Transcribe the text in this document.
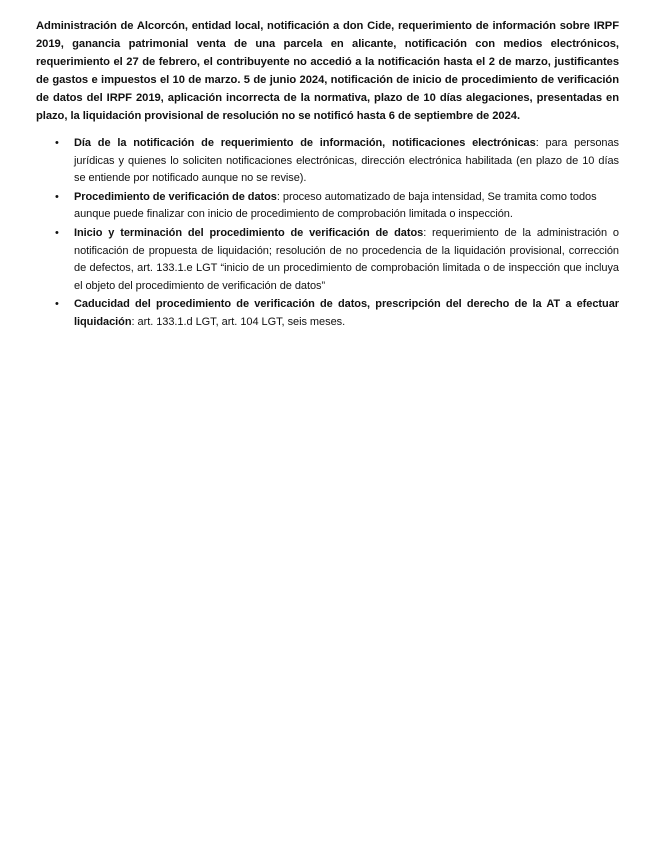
Administración de Alcorcón, entidad local, notificación a don Cide, requerimiento de información sobre IRPF 2019, ganancia patrimonial venta de una parcela en alicante, notificación con medios electrónicos, requerimiento el 27 de febrero, el contribuyente no accedió a la notificación hasta el 2 de marzo, justificantes de gastos e impuestos el 10 de marzo. 5 de junio 2024, notificación de inicio de procedimiento de verificación de datos del IRPF 2019, aplicación incorrecta de la normativa, plazo de 10 días alegaciones, presentadas en plazo, la liquidación provisional de resolución no se notificó hasta 6 de septiembre de 2024.

• Día de la notificación de requerimiento de información, notificaciones electrónicas: para personas jurídicas y quienes lo soliciten notificaciones electrónicas, dirección electrónica habilitada (en plazo de 10 días se entiende por notificado aunque no se revise).
• Procedimiento de verificación de datos: proceso automatizado de baja intensidad, Se tramita como todos aunque puede finalizar con inicio de procedimiento de comprobación limitada o inspección.
• Inicio y terminación del procedimiento de verificación de datos: requerimiento de la administración o notificación de propuesta de liquidación; resolución de no procedencia de la liquidación provisional, corrección de defectos, art. 133.1.e LGT “inicio de un procedimiento de comprobación limitada o de inspección que incluya el objeto del procedimiento de verificación de datos”
• Caducidad del procedimiento de verificación de datos, prescripción del derecho de la AT a efectuar liquidación: art. 133.1.d LGT, art. 104 LGT, seis meses.
